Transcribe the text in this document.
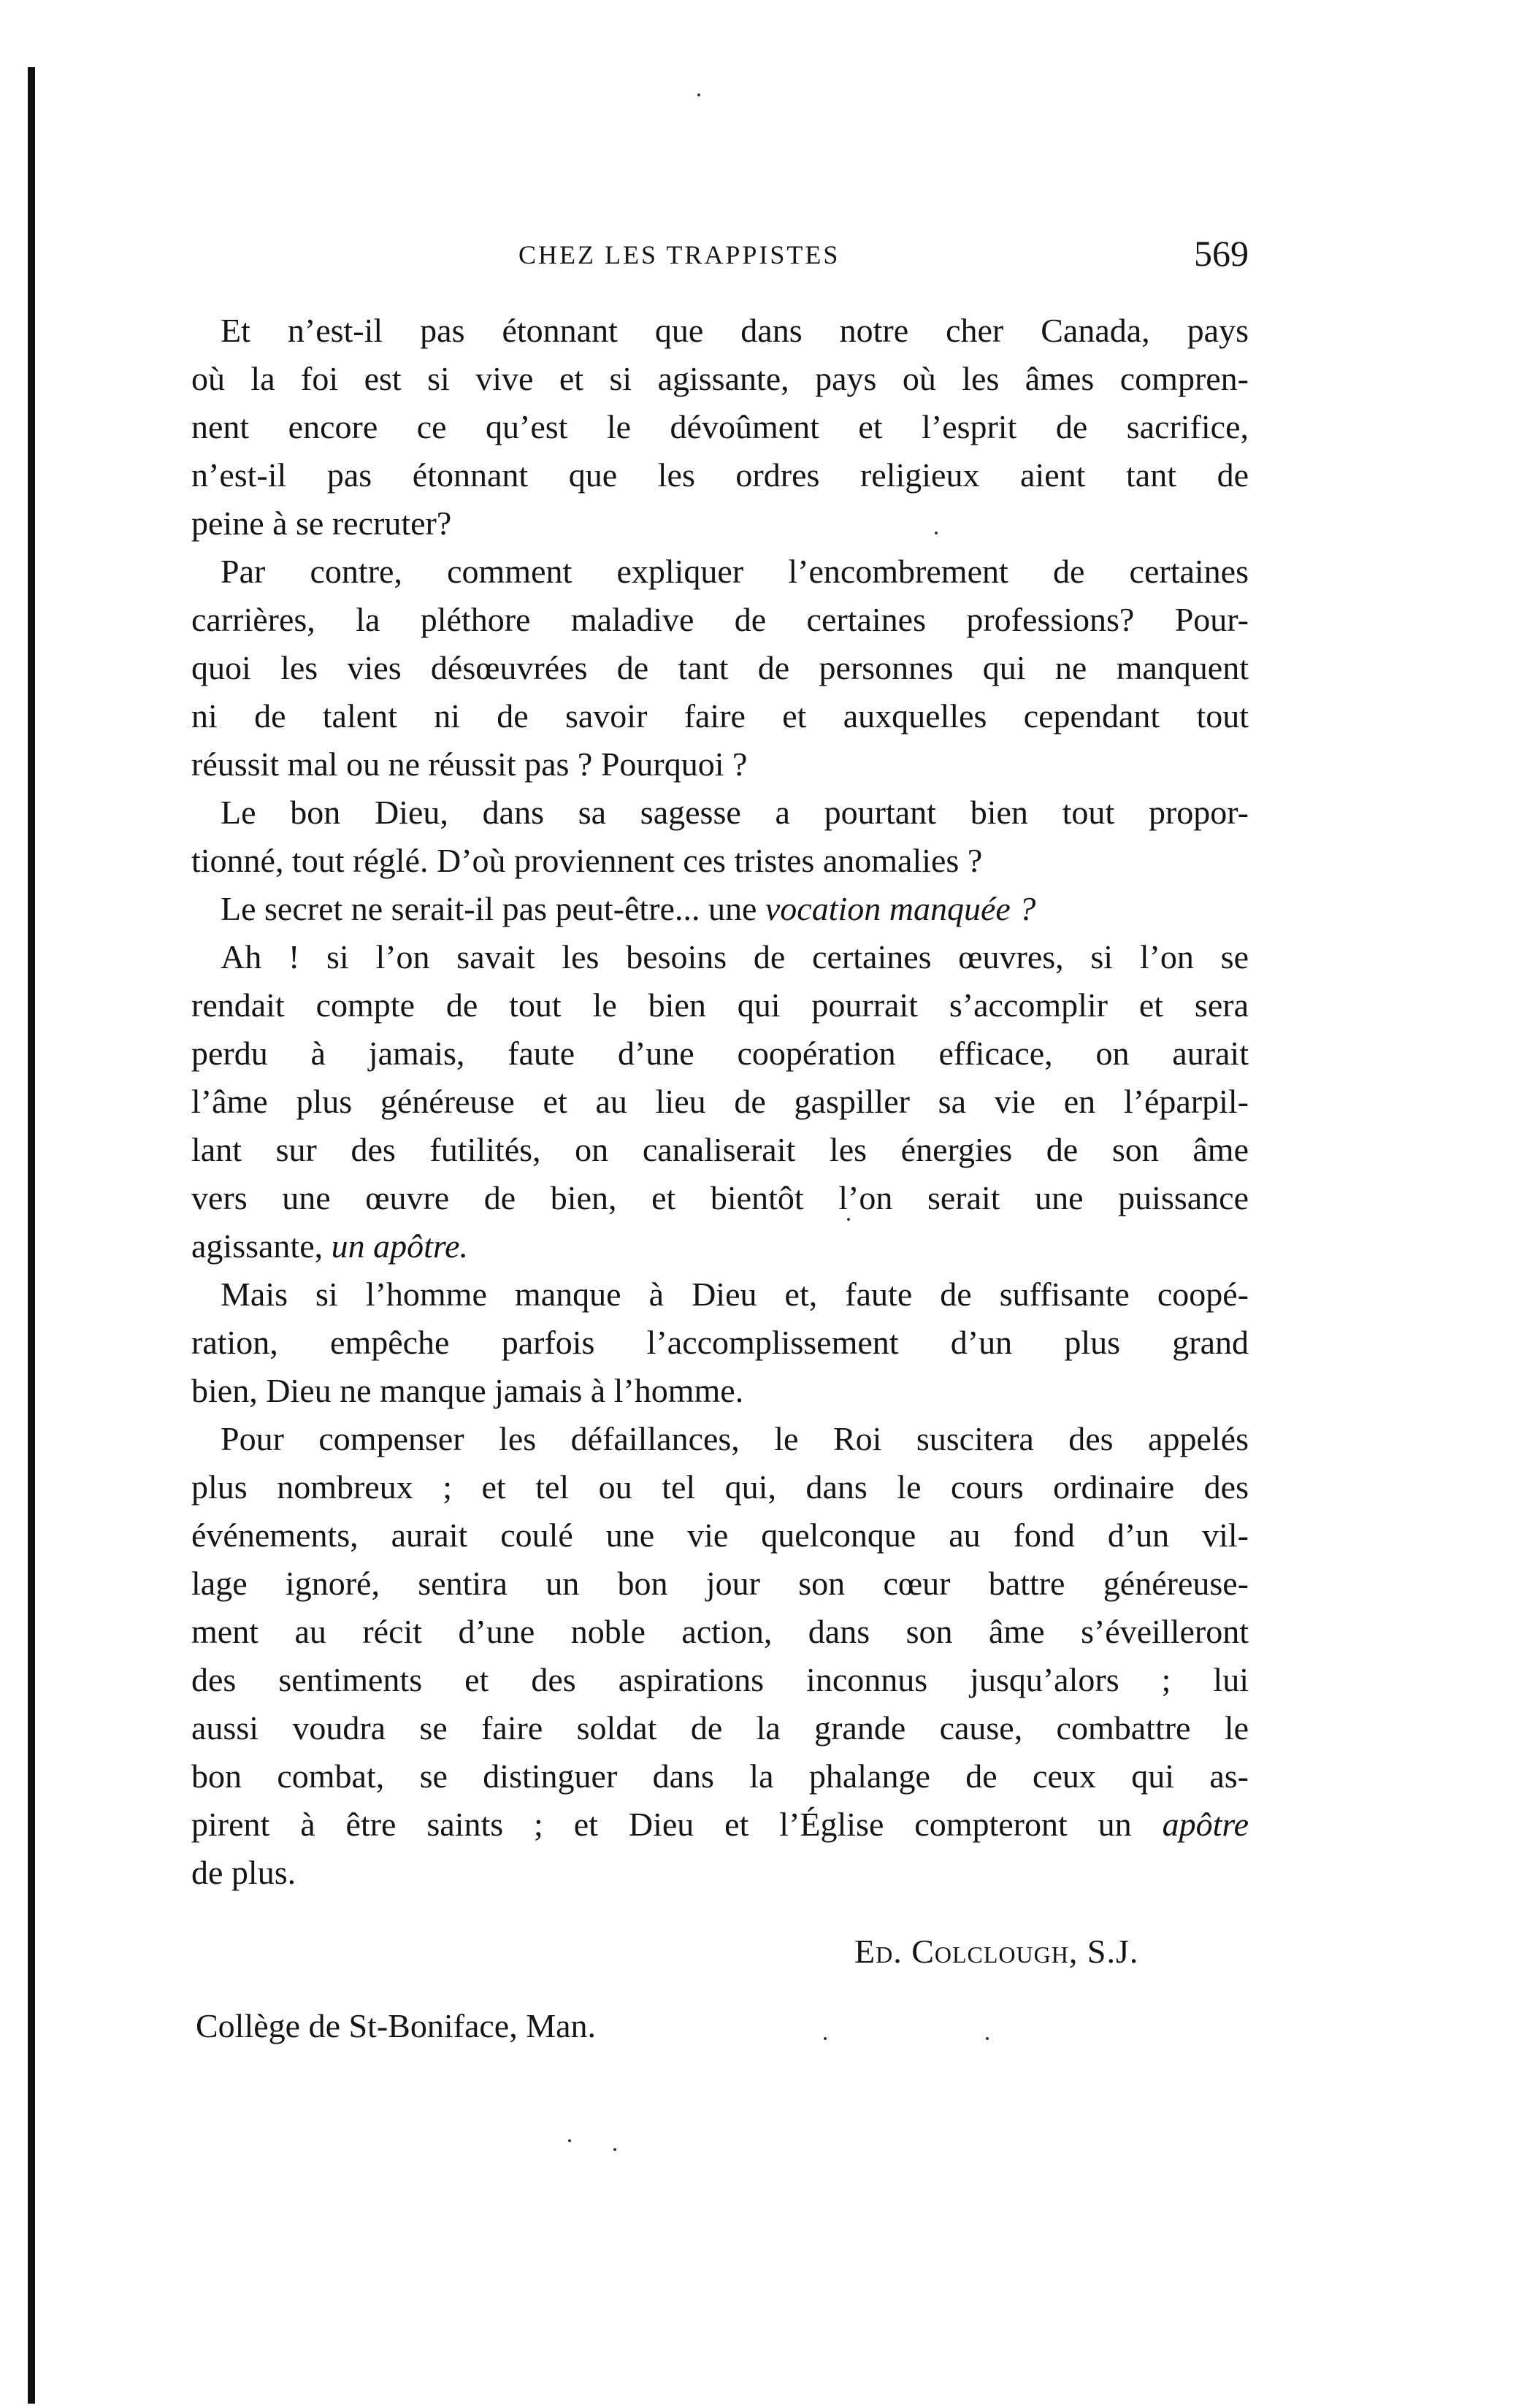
CHEZ LES TRAPPISTES	569
Et n’est-il pas étonnant que dans notre cher Canada, pays
où la foi est si vive et si agissante, pays où les âmes compren-
nent encore ce qu’est le dévoûment et l’esprit de sacrifice,
n’est-il pas étonnant que les ordres religieux aient tant de
peine à se recruter?
Par contre, comment expliquer l’encombrement de certaines
carrières, la pléthore maladive de certaines professions? Pour-
quoi les vies désœuvrées de tant de personnes qui ne manquent
ni de talent ni de savoir faire et auxquelles cependant tout
réussit mal ou ne réussit pas ? Pourquoi ?
Le bon Dieu, dans sa sagesse a pourtant bien tout propor-
tionné, tout réglé. D’où proviennent ces tristes anomalies ?
Le secret ne serait-il pas peut-être... une vocation manquée ?
Ah ! si l’on savait les besoins de certaines œuvres, si l’on se
rendait compte de tout le bien qui pourrait s’accomplir et sera
perdu à jamais, faute d’une coopération efficace, on aurait
l’âme plus généreuse et au lieu de gaspiller sa vie en l’éparpil-
lant sur des futilités, on canaliserait les énergies de son âme
vers une œuvre de bien, et bientôt l’on serait une puissance
agissante, un apôtre.
Mais si l’homme manque à Dieu et, faute de suffisante coopé-
ration, empêche parfois l’accomplissement d’un plus grand
bien, Dieu ne manque jamais à l’homme.
Pour compenser les défaillances, le Roi suscitera des appelés
plus nombreux ; et tel ou tel qui, dans le cours ordinaire des
événements, aurait coulé une vie quelconque au fond d’un vil-
lage ignoré, sentira un bon jour son cœur battre généreuse-
ment au récit d’une noble action, dans son âme s’éveilleront
des sentiments et des aspirations inconnus jusqu’alors ; lui
aussi voudra se faire soldat de la grande cause, combattre le
bon combat, se distinguer dans la phalange de ceux qui as-
pirent à être saints ; et Dieu et l’Église compteront un apôtre
de plus.
Ed. Colclough, S.J.
Collège de St-Boniface, Man.
